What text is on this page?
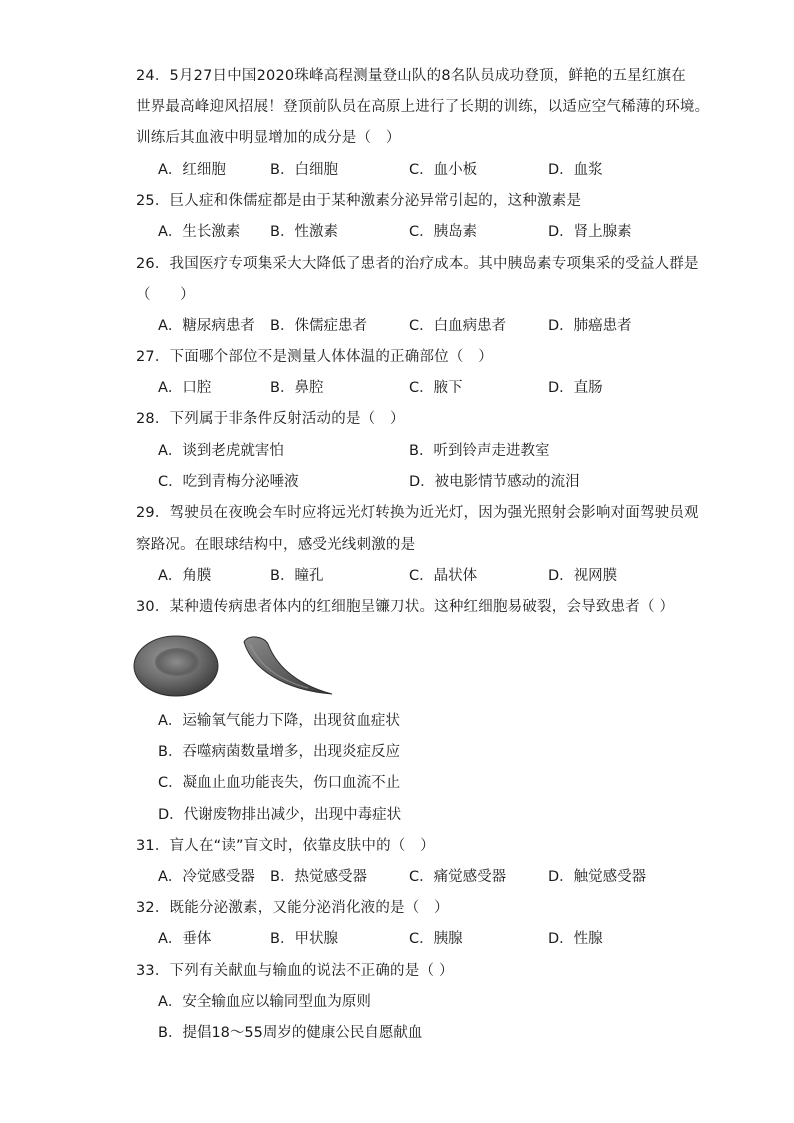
24．5月27日中国2020珠峰高程测量登山队的8名队员成功登顶，鲜艳的五星红旗在
世界最高峰迎风招展！登顶前队员在高原上进行了长期的训练，以适应空气稀薄的环境。
训练后其血液中明显增加的成分是（　）
A．红细胞	B．白细胞	C．血小板	D．血浆
25．巨人症和侏儒症都是由于某种激素分泌异常引起的，这种激素是
A．生长激素 B．性激素	C．胰岛素	D．肾上腺素
26．我国医疗专项集采大大降低了患者的治疗成本。其中胰岛素专项集采的受益人群是
（　　）
A．糖尿病患者 B．侏儒症患者	C．白血病患者	D．肺癌患者
27．下面哪个部位不是测量人体体温的正确部位（　）
A．口腔	B．鼻腔	C．腋下	D．直肠
28．下列属于非条件反射活动的是（　）
A．谈到老虎就害怕	B．听到铃声走进教室
C．吃到青梅分泌唾液	D．被电影情节感动的流泪
29．驾驶员在夜晚会车时应将远光灯转换为近光灯，因为强光照射会影响对面驾驶员观
察路况。在眼球结构中，感受光线刺激的是
A．角膜	B．瞳孔	C．晶状体	D．视网膜
30．某种遗传病患者体内的红细胞呈镰刀状。这种红细胞易破裂，会导致患者（ ）
A．运输氧气能力下降，出现贫血症状
B．吞噬病菌数量增多，出现炎症反应
C．凝血止血功能丧失，伤口血流不止
D．代谢废物排出减少，出现中毒症状
31．盲人在“读”盲文时，依靠皮肤中的（　）
A．冷觉感受器 B．热觉感受器	C．痛觉感受器	D．触觉感受器
32．既能分泌激素，又能分泌消化液的是（　）
A．垂体	B．甲状腺	C．胰腺	D．性腺
33．下列有关献血与输血的说法不正确的是（ ）
A．安全输血应以输同型血为原则
B．提倡18～55周岁的健康公民自愿献血
